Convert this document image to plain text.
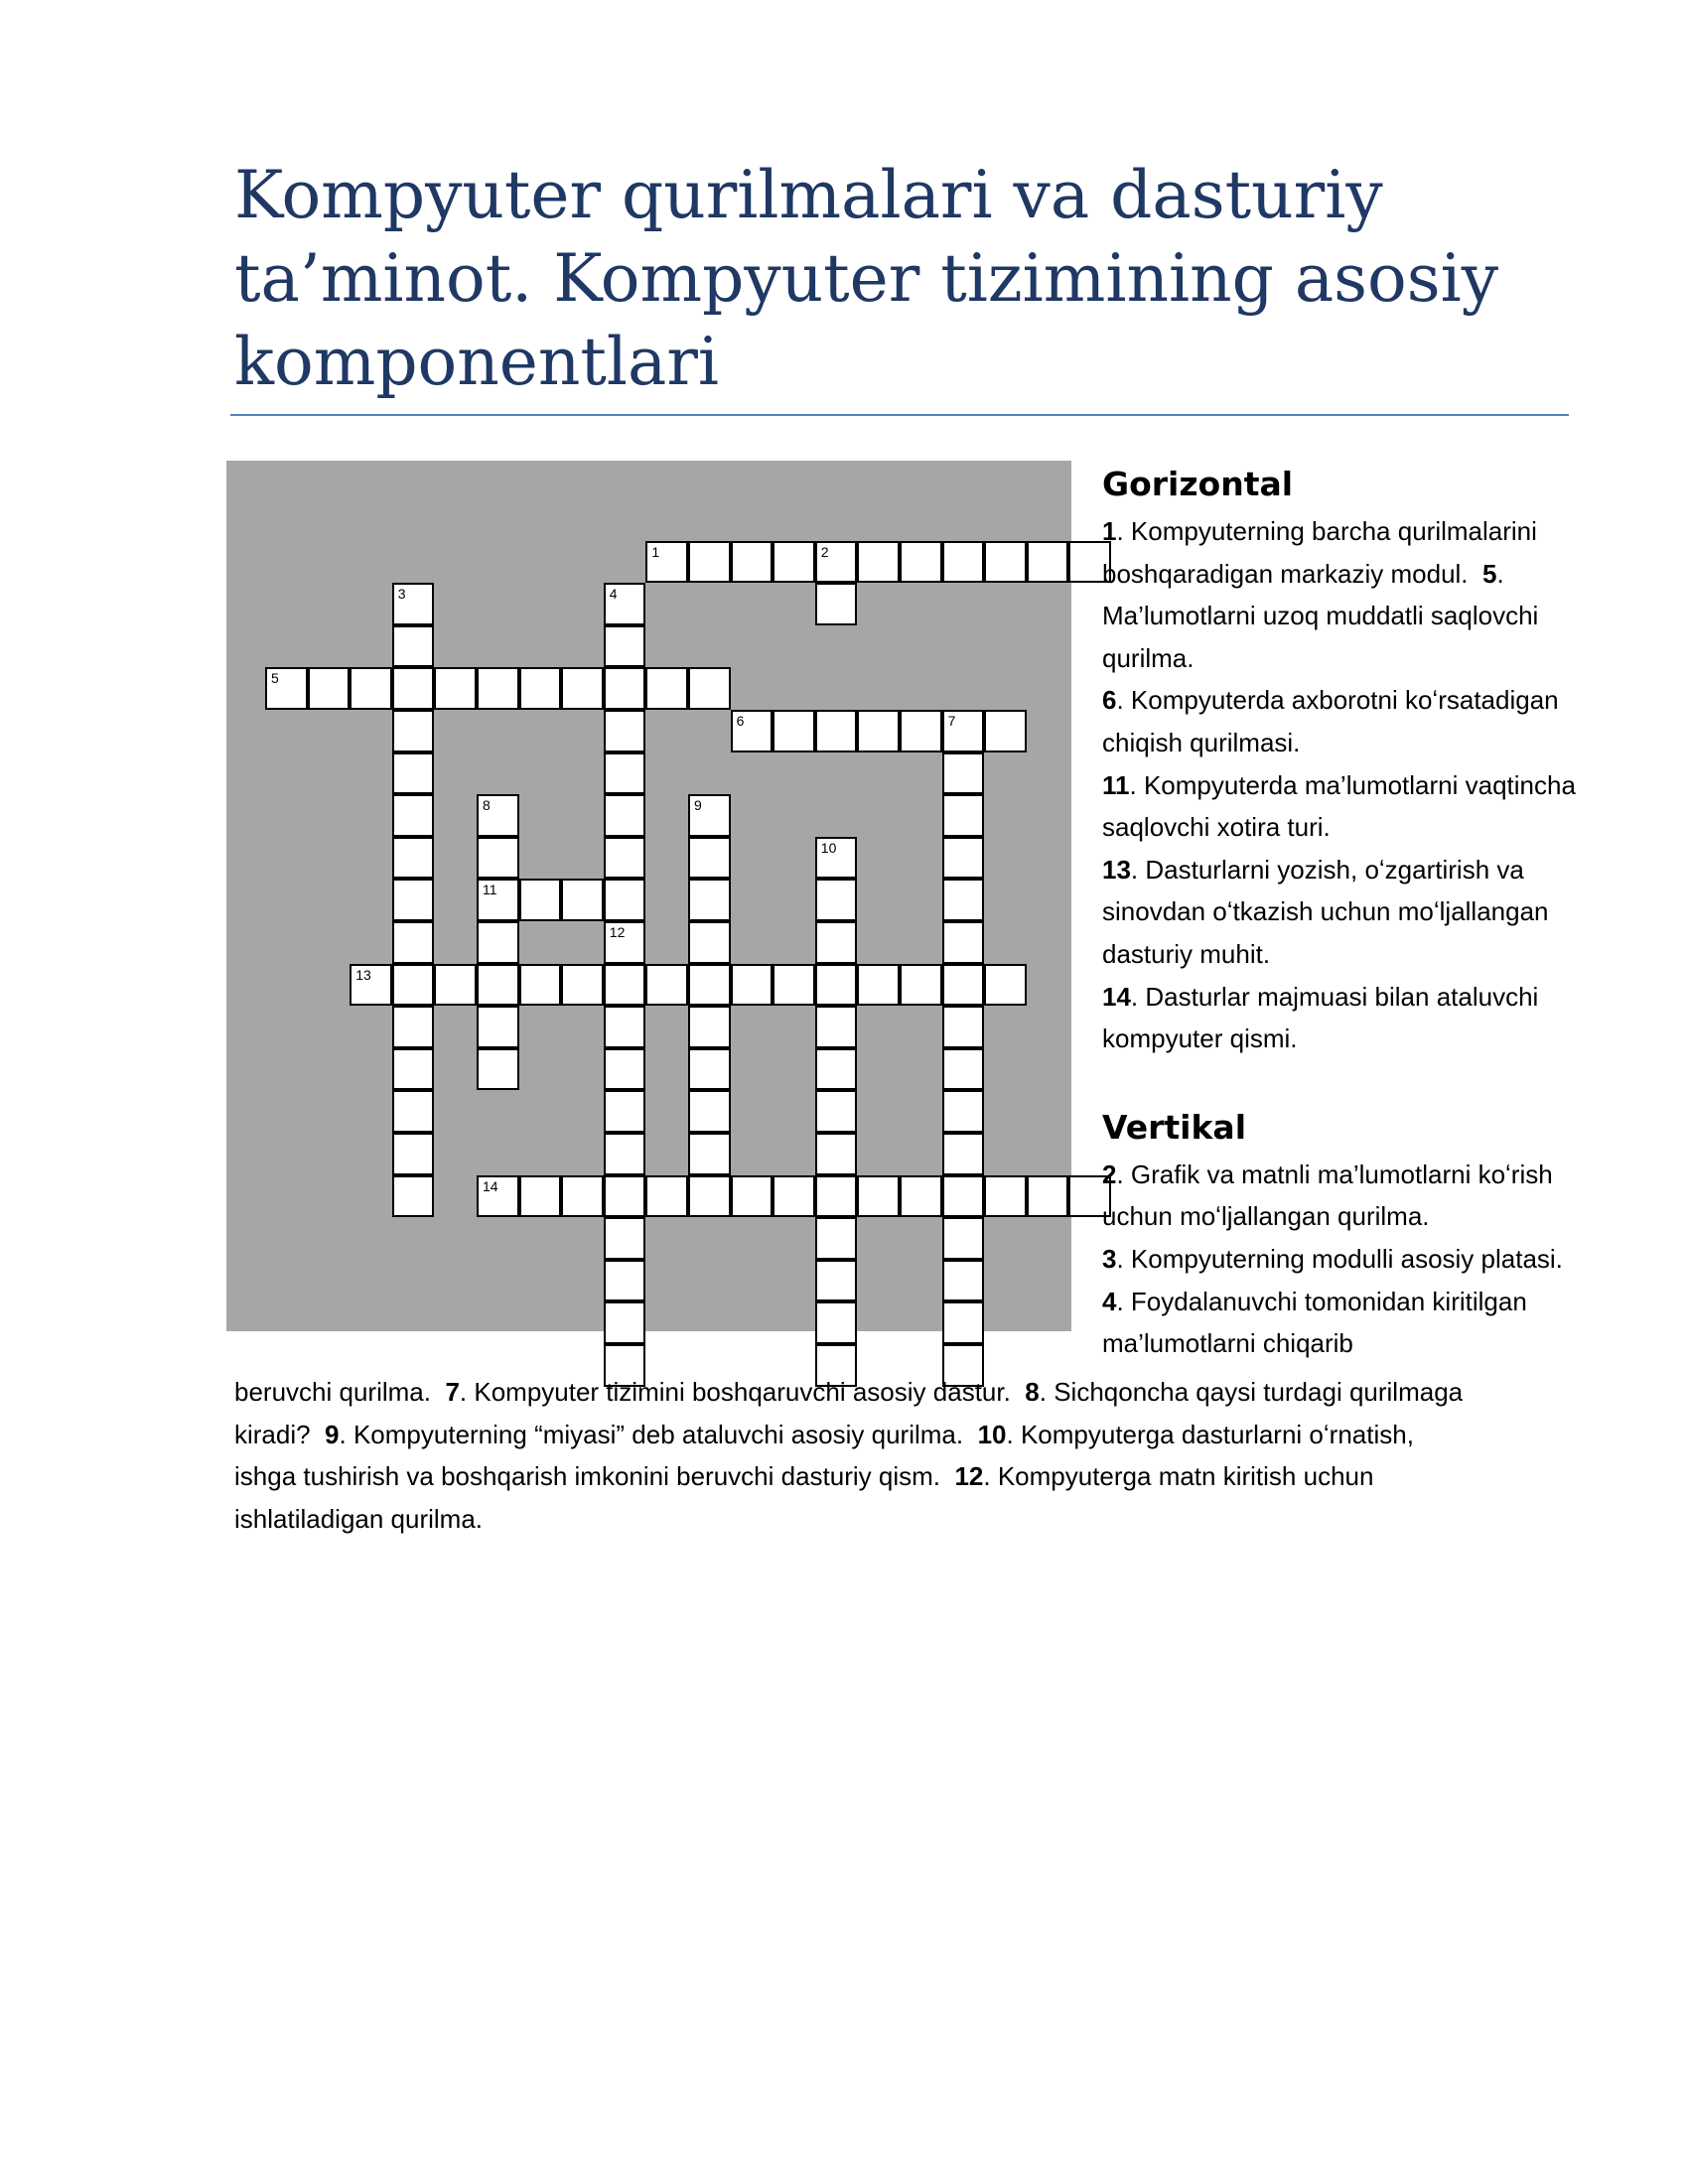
Kompyuter qurilmalari va dasturiy ta’minot. Kompyuter tizimining asosiy komponentlari
1	2
3	4
12
5
6	7
8
11
9
10
13
14

Gorizontal

1. Kompyuterning barcha qurilmalarini boshqaradigan markaziy modul. 5. Ma’lumotlarni uzoq muddatli saqlovchi qurilma.
6. Kompyuterda axborotni koʻrsatadigan chiqish qurilmasi.
11. Kompyuterda ma’lumotlarni vaqtincha saqlovchi xotira turi.
13. Dasturlarni yozish, oʻzgartirish va sinovdan oʻtkazish uchun moʻljallangan dasturiy muhit.
14. Dasturlar majmuasi bilan ataluvchi kompyuter qismi.

Vertikal

2. Grafik va matnli ma’lumotlarni koʻrish uchun moʻljallangan qurilma.
3. Kompyuterning modulli asosiy platasi.  4. Foydalanuvchi tomonidan kiritilgan ma’lumotlarni chiqarib
beruvchi qurilma. 7. Kompyuter tizimini boshqaruvchi asosiy dastur. 8. Sichqoncha qaysi turdagi qurilmaga
kiradi? 9. Kompyuterning “miyasi” deb ataluvchi asosiy qurilma. 10. Kompyuterga dasturlarni oʻrnatish,
ishga tushirish va boshqarish imkonini beruvchi dasturiy qism. 12. Kompyuterga matn kiritish uchun
ishlatiladigan qurilma.
